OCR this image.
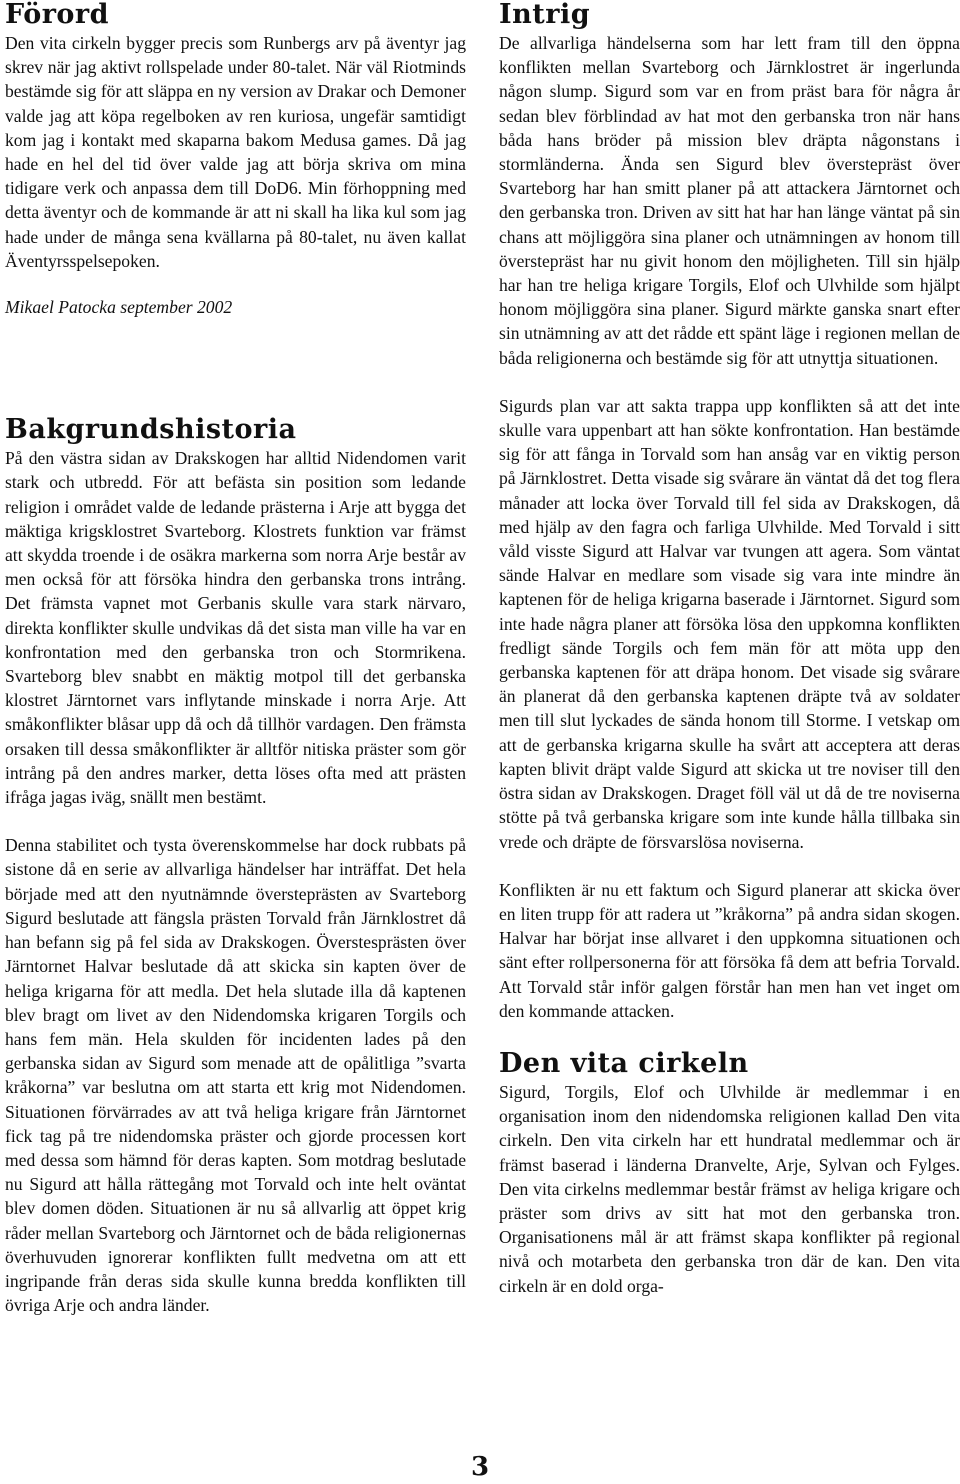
Förord

Den vita cirkeln bygger precis som Runbergs arv på äventyr jag skrev när jag aktivt rollspelade under 80-talet. När väl Riotminds bestämde sig för att släppa en ny version av Drakar och Demoner valde jag att köpa regelboken av ren kuriosa, ungefär samtidigt kom jag i kontakt med skaparna bakom Medusa games. Då jag hade en hel del tid över valde jag att börja skriva om mina tidigare verk och anpassa dem till DoD6. Min förhoppning med detta äventyr och de kommande är att ni skall ha lika kul som jag hade under de många sena kvällarna på 80-talet, nu även kallat Äventyrsspelsepoken.

Mikael Patocka september 2002

Bakgrundshistoria

På den västra sidan av Drakskogen har alltid Nidendomen varit stark och utbredd. För att befästa sin position som ledande religion i området valde de ledande prästerna i Arje att bygga det mäktiga krigsklostret Svarteborg. Klostrets funktion var främst att skydda troende i de osäkra markerna som norra Arje består av men också för att försöka hindra den gerbanska trons intrång. Det främsta vapnet mot Gerbanis skulle vara stark närvaro, direkta konflikter skulle undvikas då det sista man ville ha var en konfrontation med den gerbanska tron och Stormrikena. Svarteborg blev snabbt en mäktig motpol till det gerbanska klostret Järntornet vars inflytande minskade i norra Arje. Att småkonflikter blåsar upp då och då tillhör vardagen. Den främsta orsaken till dessa småkonflikter är alltför nitiska präster som gör intrång på den andres marker, detta löses ofta med att prästen ifråga jagas iväg, snällt men bestämt.

Denna stabilitet och tysta överenskommelse har dock rubbats på sistone då en serie av allvarliga händelser har inträffat. Det hela började med att den nyutnämnde översteprästen av Svarteborg Sigurd beslutade att fängsla prästen Torvald från Järnklostret då han befann sig på fel sida av Drakskogen. Överstesprästen över Järntornet Halvar beslutade då att skicka sin kapten över de heliga krigarna för att medla. Det hela slutade illa då kaptenen blev bragt om livet av den Nidendomska krigaren Torgils och hans fem män. Hela skulden för incidenten lades på den gerbanska sidan av Sigurd som menade att de opålitliga ”svarta kråkorna” var beslutna om att starta ett krig mot Nidendomen. Situationen förvärrades av att två heliga krigare från Järntornet fick tag på tre nidendomska präster och gjorde processen kort med dessa som hämnd för deras kapten. Som motdrag beslutade nu Sigurd att hålla rättegång mot Torvald och inte helt oväntat blev domen döden. Situationen är nu så allvarlig att öppet krig råder mellan Svarteborg och Järntornet och de båda religionernas överhuvuden ignorerar konflikten fullt medvetna om att ett ingripande från deras sida skulle kunna bredda konflikten till övriga Arje och andra länder.

Intrig

De allvarliga händelserna som har lett fram till den öppna konflikten mellan Svarteborg och Järnklostret är ingerlunda någon slump. Sigurd som var en from präst bara för några år sedan blev förblindad av hat mot den gerbanska tron när hans båda hans bröder på mission blev dräpta någonstans i stormländerna. Ända sen Sigurd blev överstepräst över Svarteborg har han smitt planer på att attackera Järntornet och den gerbanska tron. Driven av sitt hat har han länge väntat på sin chans att möjliggöra sina planer och utnämningen av honom till överstepräst har nu givit honom den möjligheten. Till sin hjälp har han tre heliga krigare Torgils, Elof och Ulvhilde som hjälpt honom möjliggöra sina planer. Sigurd märkte ganska snart efter sin utnämning av att det rådde ett spänt läge i regionen mellan de båda religionerna och bestämde sig för att utnyttja situationen.

Sigurds plan var att sakta trappa upp konflikten så att det inte skulle vara uppenbart att han sökte konfrontation. Han bestämde sig för att fånga in Torvald som han ansåg var en viktig person på Järnklostret. Detta visade sig svårare än väntat då det tog flera månader att locka över Torvald till fel sida av Drakskogen, då med hjälp av den fagra och farliga Ulvhilde. Med Torvald i sitt våld visste Sigurd att Halvar var tvungen att agera. Som väntat sände Halvar en medlare som visade sig vara inte mindre än kaptenen för de heliga krigarna baserade i Järntornet. Sigurd som inte hade några planer att försöka lösa den uppkomna konflikten fredligt sände Torgils och fem män för att möta upp den gerbanska kaptenen för att dräpa honom. Det visade sig svårare än planerat då den gerbanska kaptenen dräpte två av soldater men till slut lyckades de sända honom till Storme. I vetskap om att de gerbanska krigarna skulle ha svårt att acceptera att deras kapten blivit dräpt valde Sigurd att skicka ut tre noviser till den östra sidan av Drakskogen. Draget föll väl ut då de tre noviserna stötte på två gerbanska krigare som inte kunde hålla tillbaka sin vrede och dräpte de försvarslösa noviserna.

Konflikten är nu ett faktum och Sigurd planerar att skicka över en liten trupp för att radera ut ”kråkorna” på andra sidan skogen. Halvar har börjat inse allvaret i den uppkomna situationen och sänt efter rollpersonerna för att försöka få dem att befria Torvald. Att Torvald står inför galgen förstår han men han vet inget om den kommande attacken.

Den vita cirkeln

Sigurd, Torgils, Elof och Ulvhilde är medlemmar i en organisation inom den nidendomska religionen kallad Den vita cirkeln. Den vita cirkeln har ett hundratal medlemmar och är främst baserad i länderna Dranvelte, Arje, Sylvan och Fylges. Den vita cirkelns medlemmar består främst av heliga krigare och präster som drivs av sitt hat mot den gerbanska tron. Organisationens mål är att främst skapa konflikter på regional nivå och motarbeta den gerbanska tron där de kan. Den vita cirkeln är en dold orga-

3
